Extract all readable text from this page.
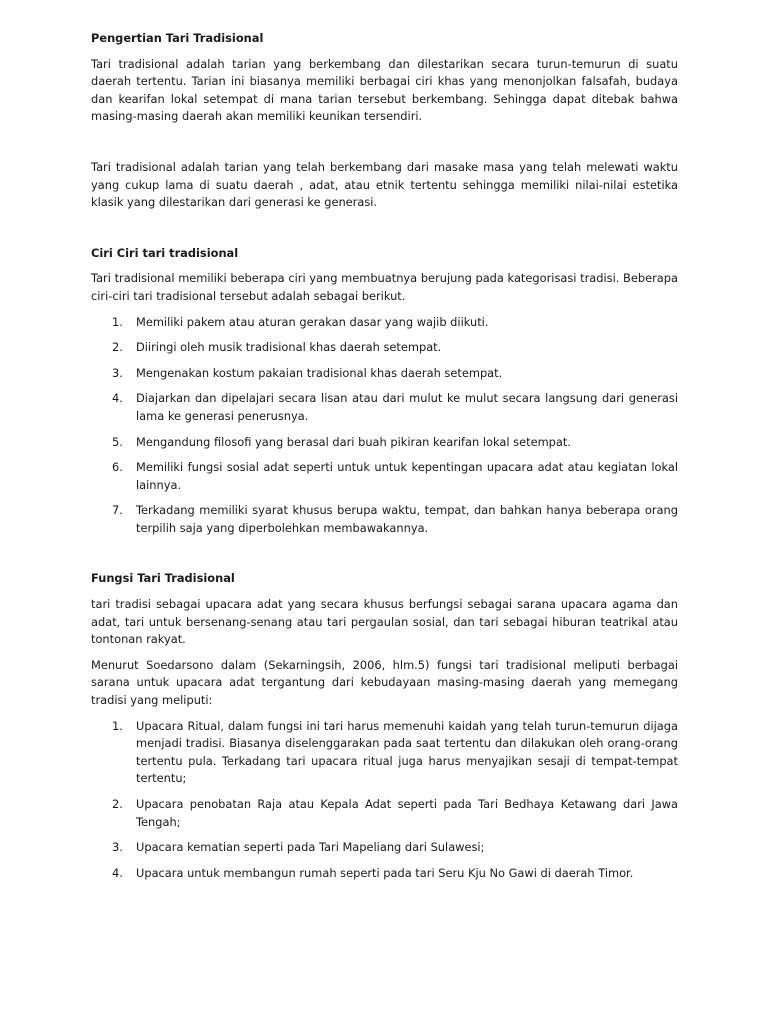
Pengertian Tari Tradisional

Tari tradisional adalah tarian yang berkembang dan dilestarikan secara turun-temurun di suatu daerah tertentu. Tarian ini biasanya memiliki berbagai ciri khas yang menonjolkan falsafah, budaya dan kearifan lokal setempat di mana tarian tersebut berkembang. Sehingga dapat ditebak bahwa masing-masing daerah akan memiliki keunikan tersendiri.

Tari tradisional adalah tarian yang telah berkembang dari masake masa yang telah melewati waktu yang cukup lama di suatu daerah , adat, atau etnik tertentu sehingga memiliki nilai-nilai estetika klasik yang dilestarikan dari generasi ke generasi.

Ciri Ciri tari tradisional

Tari tradisional memiliki beberapa ciri yang membuatnya berujung pada kategorisasi tradisi. Beberapa ciri-ciri tari tradisional tersebut adalah sebagai berikut.

1. Memiliki pakem atau aturan gerakan dasar yang wajib diikuti.
2. Diiringi oleh musik tradisional khas daerah setempat.
3. Mengenakan kostum pakaian tradisional khas daerah setempat.
4. Diajarkan dan dipelajari secara lisan atau dari mulut ke mulut secara langsung dari generasi lama ke generasi penerusnya.
5. Mengandung filosofi yang berasal dari buah pikiran kearifan lokal setempat.
6. Memiliki fungsi sosial adat seperti untuk untuk kepentingan upacara adat atau kegiatan lokal lainnya.
7. Terkadang memiliki syarat khusus berupa waktu, tempat, dan bahkan hanya beberapa orang terpilih saja yang diperbolehkan membawakannya.
Fungsi Tari Tradisional

tari tradisi sebagai upacara adat yang secara khusus berfungsi sebagai sarana upacara agama dan adat, tari untuk bersenang-senang atau tari pergaulan sosial, dan tari sebagai hiburan teatrikal atau tontonan rakyat.

Menurut Soedarsono dalam (Sekarningsih, 2006, hlm.5) fungsi tari tradisional meliputi berbagai sarana untuk upacara adat tergantung dari kebudayaan masing-masing daerah yang memegang tradisi yang meliputi:

1. Upacara Ritual, dalam fungsi ini tari harus memenuhi kaidah yang telah turun-temurun dijaga menjadi tradisi. Biasanya diselenggarakan pada saat tertentu dan dilakukan oleh orang-orang tertentu pula. Terkadang tari upacara ritual juga harus menyajikan sesaji di tempat-tempat tertentu;
2. Upacara penobatan Raja atau Kepala Adat seperti pada Tari Bedhaya Ketawang dari Jawa Tengah;
3. Upacara kematian seperti pada Tari Mapeliang dari Sulawesi;
4. Upacara untuk membangun rumah seperti pada tari Seru Kju No Gawi di daerah Timor.
